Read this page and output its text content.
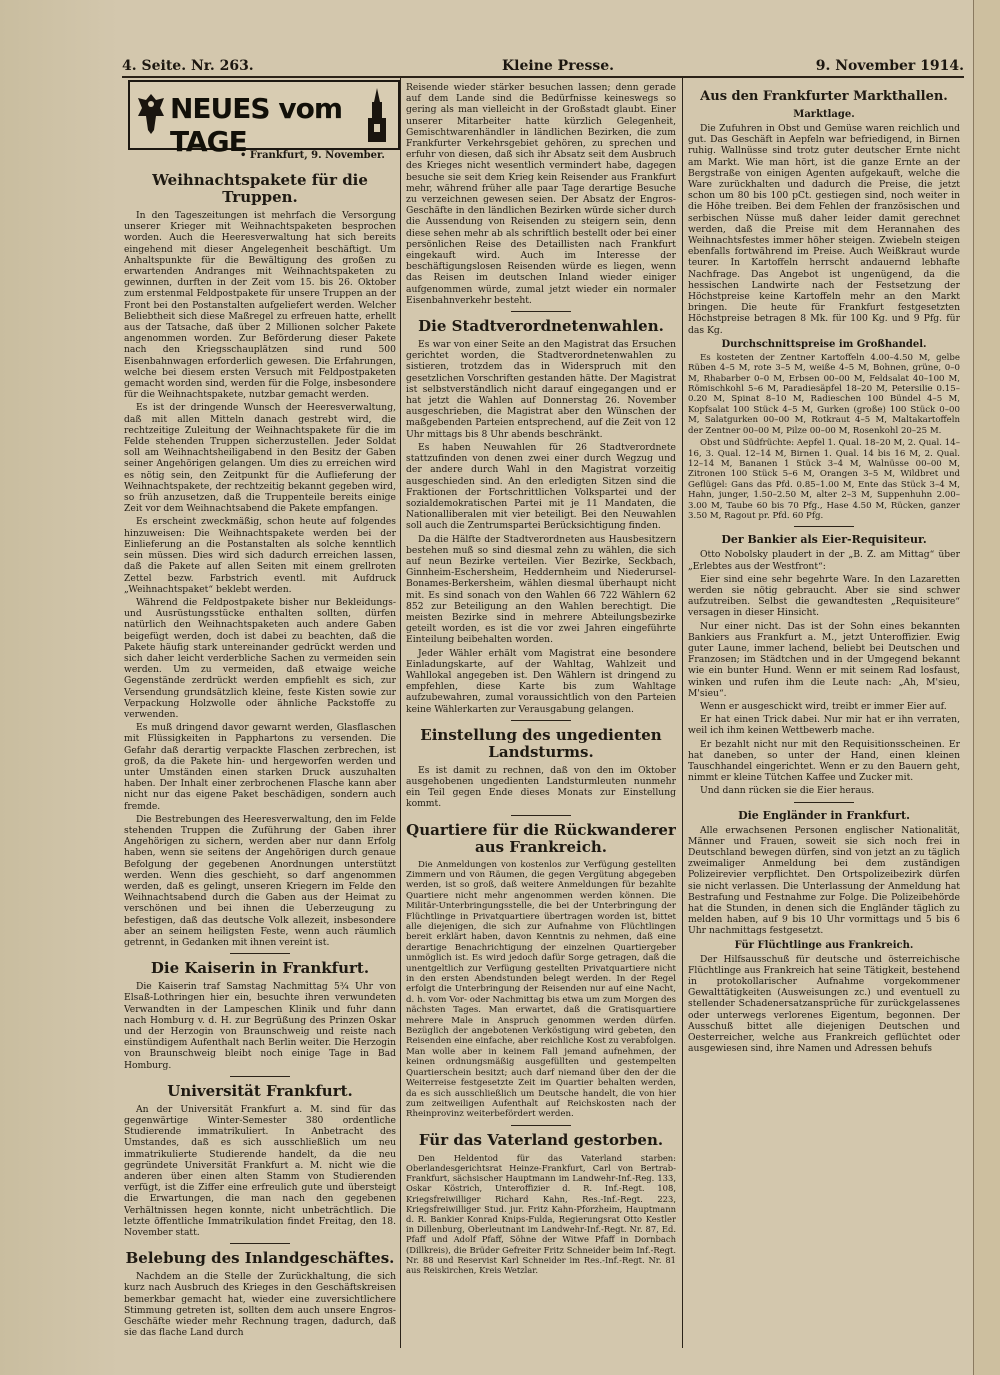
4. Seite. Nr. 263.	Kleine Presse.	9. November 1914.
NEUES vom TAGE
• Frankfurt, 9. November.
Weihnachtspakete für die Truppen.

In den Tageszeitungen ist mehrfach die Versorgung unserer Krieger mit Weihnachtspaketen besprochen worden. Auch die Heeresverwaltung hat sich bereits eingehend mit dieser Angelegenheit beschäftigt. Um Anhaltspunkte für die Bewältigung des großen zu erwartenden Andranges mit Weihnachtspaketen zu gewinnen, durften in der Zeit vom 15. bis 26. Oktober zum erstenmal Feldpostpakete für unsere Truppen an der Front bei den Postanstalten aufgeliefert werden. Welcher Beliebtheit sich diese Maßregel zu erfreuen hatte, erhellt aus der Tatsache, daß über 2 Millionen solcher Pakete angenommen worden. Zur Beförderung dieser Pakete nach den Kriegsschauplätzen sind rund 500 Eisenbahnwagen erforderlich gewesen. Die Erfahrungen, welche bei diesem ersten Versuch mit Feldpostpaketen gemacht worden sind, werden für die Folge, insbesondere für die Weihnachtspakete, nutzbar gemacht werden.

Es ist der dringende Wunsch der Heeresverwaltung, daß mit allen Mitteln danach gestrebt wird, die rechtzeitige Zuleitung der Weihnachtspakete für die im Felde stehenden Truppen sicherzustellen. Jeder Soldat soll am Weihnachtsheiligabend in den Besitz der Gaben seiner Angehörigen gelangen. Um dies zu erreichen wird es nötig sein, den Zeitpunkt für die Auflieferung der Weihnachtspakete, der rechtzeitig bekannt gegeben wird, so früh anzusetzen, daß die Truppenteile bereits einige Zeit vor dem Weihnachtsabend die Pakete empfangen.

Es erscheint zweckmäßig, schon heute auf folgendes hinzuweisen: Die Weihnachtspakete werden bei der Einlieferung an die Postanstalten als solche kenntlich sein müssen. Dies wird sich dadurch erreichen lassen, daß die Pakete auf allen Seiten mit einem grellroten Zettel bezw. Farbstrich eventl. mit Aufdruck „Weihnachtspaket“ beklebt werden.

Während die Feldpostpakete bisher nur Bekleidungs- und Ausrüstungsstücke enthalten sollten, dürfen natürlich den Weihnachtspaketen auch andere Gaben beigefügt werden, doch ist dabei zu beachten, daß die Pakete häufig stark untereinander gedrückt werden und sich daher leicht verderbliche Sachen zu vermeiden sein werden. Um zu vermeiden, daß etwaige weiche Gegenstände zerdrückt werden empfiehlt es sich, zur Versendung grundsätzlich kleine, feste Kisten sowie zur Verpackung Holzwolle oder ähnliche Packstoffe zu verwenden.

Es muß dringend davor gewarnt werden, Glasflaschen mit Flüssigkeiten in Papphartons zu versenden. Die Gefahr daß derartig verpackte Flaschen zerbrechen, ist groß, da die Pakete hin- und hergeworfen werden und unter Umständen einen starken Druck auszuhalten haben. Der Inhalt einer zerbrochenen Flasche kann aber nicht nur das eigene Paket beschädigen, sondern auch fremde.

Die Bestrebungen des Heeresverwaltung, den im Felde stehenden Truppen die Zuführung der Gaben ihrer Angehörigen zu sichern, werden aber nur dann Erfolg haben, wenn sie seitens der Angehörigen durch genaue Befolgung der gegebenen Anordnungen unterstützt werden. Wenn dies geschieht, so darf angenommen werden, daß es gelingt, unseren Kriegern im Felde den Weihnachtsabend durch die Gaben aus der Heimat zu verschönen und bei ihnen die Ueberzeugung zu befestigen, daß das deutsche Volk allezeit, insbesondere aber an seinem heiligsten Feste, wenn auch räumlich getrennt, in Gedanken mit ihnen vereint ist.

Die Kaiserin in Frankfurt.

Die Kaiserin traf Samstag Nachmittag 5¾ Uhr von Elsaß-Lothringen hier ein, besuchte ihren verwundeten Verwandten in der Lampeschen Klinik und fuhr dann nach Homburg v. d. H. zur Begrüßung des Prinzen Oskar und der Herzogin von Braunschweig und reiste nach einstündigem Aufenthalt nach Berlin weiter. Die Herzogin von Braunschweig bleibt noch einige Tage in Bad Homburg.

Universität Frankfurt.

An der Universität Frankfurt a. M. sind für das gegenwärtige Winter-Semester 380 ordentliche Studierende immatrikuliert. In Anbetracht des Umstandes, daß es sich ausschließlich um neu immatrikulierte Studierende handelt, da die neu gegründete Universität Frankfurt a. M. nicht wie die anderen über einen alten Stamm von Studierenden verfügt, ist die Ziffer eine erfreulich gute und übersteigt die Erwartungen, die man nach den gegebenen Verhältnissen hegen konnte, nicht unbeträchtlich. Die letzte öffentliche Immatrikulation findet Freitag, den 18. November statt.

Belebung des Inlandgeschäftes.

Nachdem an die Stelle der Zurückhaltung, die sich kurz nach Ausbruch des Krieges in den Geschäftskreisen bemerkbar gemacht hat, wieder eine zuversichtlichere Stimmung getreten ist, sollten dem auch unsere Engros-Geschäfte wieder mehr Rechnung tragen, dadurch, daß sie das flache Land durch

Reisende wieder stärker besuchen lassen; denn gerade auf dem Lande sind die Bedürfnisse keineswegs so gering als man vielleicht in der Großstadt glaubt. Einer unserer Mitarbeiter hatte kürzlich Gelegenheit, Gemischtwarenhändler in ländlichen Bezirken, die zum Frankfurter Verkehrsgebiet gehören, zu sprechen und erfuhr von diesen, daß sich ihr Absatz seit dem Ausbruch des Krieges nicht wesentlich vermindert habe, dagegen besuche sie seit dem Krieg kein Reisender aus Frankfurt mehr, während früher alle paar Tage derartige Besuche zu verzeichnen gewesen seien. Der Absatz der Engros-Geschäfte in den ländlichen Bezirken würde sicher durch die Aussendung von Reisenden zu steigern sein, denn diese sehen mehr ab als schriftlich bestellt oder bei einer persönlichen Reise des Detaillisten nach Frankfurt eingekauft wird. Auch im Interesse der beschäftigungslosen Reisenden würde es liegen, wenn das Reisen im deutschen Inland wieder einiger aufgenommen würde, zumal jetzt wieder ein normaler Eisenbahnverkehr besteht.

Die Stadtverordnetenwahlen.

Es war von einer Seite an den Magistrat das Ersuchen gerichtet worden, die Stadtverordnetenwahlen zu sistieren, trotzdem das in Widerspruch mit den gesetzlichen Vorschriften gestanden hätte. Der Magistrat ist selbstverständlich nicht darauf eingegangen und er hat jetzt die Wahlen auf Donnerstag 26. November ausgeschrieben, die Magistrat aber den Wünschen der maßgebenden Parteien entsprechend, auf die Zeit von 12 Uhr mittags bis 8 Uhr abends beschränkt.

Es haben Neuwahlen für 26 Stadtverordnete stattzufinden von denen zwei einer durch Wegzug und der andere durch Wahl in den Magistrat vorzeitig ausgeschieden sind. An den erledigten Sitzen sind die Fraktionen der Fortschrittlichen Volkspartei und der sozialdemokratischen Partei mit je 11 Mandaten, die Nationalliberalen mit vier beteiligt. Bei den Neuwahlen soll auch die Zentrumspartei Berücksichtigung finden.

Da die Hälfte der Stadtverordneten aus Hausbesitzern bestehen muß so sind diesmal zehn zu wählen, die sich auf neun Bezirke verteilen. Vier Bezirke, Seckbach, Ginnheim-Eschersheim, Heddernheim und Niederursel-Bonames-Berkersheim, wählen diesmal überhaupt nicht mit. Es sind sonach von den Wahlen 66 722 Wählern 62 852 zur Beteiligung an den Wahlen berechtigt. Die meisten Bezirke sind in mehrere Abteilungsbezirke geteilt worden, es ist die vor zwei Jahren eingeführte Einteilung beibehalten worden.

Jeder Wähler erhält vom Magistrat eine besondere Einladungskarte, auf der Wahltag, Wahlzeit und Wahllokal angegeben ist. Den Wählern ist dringend zu empfehlen, diese Karte bis zum Wahltage aufzubewahren, zumal voraussichtlich von den Parteien keine Wählerkarten zur Verausgabung gelangen.

Einstellung des ungedienten Landsturms.

Es ist damit zu rechnen, daß von den im Oktober ausgehobenen ungedienten Landsturmleuten nunmehr ein Teil gegen Ende dieses Monats zur Einstellung kommt.

Quartiere für die Rückwanderer aus Frankreich.

Die Anmeldungen von kostenlos zur Verfügung gestellten Zimmern und von Räumen, die gegen Vergütung abgegeben werden, ist so groß, daß weitere Anmeldungen für bezahlte Quartiere nicht mehr angenommen werden können. Die Militär-Unterbringungsstelle, die bei der Unterbringung der Flüchtlinge in Privatquartiere übertragen worden ist, bittet alle diejenigen, die sich zur Aufnahme von Flüchtlingen bereit erklärt haben, davon Kenntnis zu nehmen, daß eine derartige Benachrichtigung der einzelnen Quartiergeber unmöglich ist. Es wird jedoch dafür Sorge getragen, daß die unentgeltlich zur Verfügung gestellten Privatquartiere nicht in den ersten Abendstunden belegt werden. In der Regel erfolgt die Unterbringung der Reisenden nur auf eine Nacht, d. h. vom Vor- oder Nachmittag bis etwa um zum Morgen des nächsten Tages. Man erwartet, daß die Gratisquartiere mehrere Male in Anspruch genommen werden dürfen. Bezüglich der angebotenen Verköstigung wird gebeten, den Reisenden eine einfache, aber reichliche Kost zu verabfolgen. Man wolle aber in keinem Fall jemand aufnehmen, der keinen ordnungsmäßig ausgefüllten und gestempelten Quartierschein besitzt; auch darf niemand über den der die Weiterreise festgesetzte Zeit im Quartier behalten werden, da es sich ausschließlich um Deutsche handelt, die von hier zum zeitweiligen Aufenthalt auf Reichskosten nach der Rheinprovinz weiterbefördert werden.

Für das Vaterland gestorben.

Den Heldentod für das Vaterland starben: Oberlandesgerichtsrat Heinze-Frankfurt, Carl von Bertrab-Frankfurt, sächsischer Hauptmann im Landwehr-Inf.-Reg. 133, Oskar Köstrich, Unteroffizier d. R. Inf.-Regt. 108, Kriegsfreiwilliger Richard Kahn, Res.-Inf.-Regt. 223, Kriegsfreiwilliger Stud. jur. Fritz Kahn-Pforzheim, Hauptmann d. R. Bankier Konrad Knips-Fulda, Regierungsrat Otto Kestler in Dillenburg, Oberleutnant im Landwehr-Inf.-Regt. Nr. 87, Ed. Pfaff und Adolf Pfaff, Söhne der Witwe Pfaff in Dornbach (Dillkreis), die Brüder Gefreiter Fritz Schneider beim Inf.-Regt. Nr. 88 und Reservist Karl Schneider im Res.-Inf.-Regt. Nr. 81 aus Reiskirchen, Kreis Wetzlar.

Aus den Frankfurter Markthallen.
Marktlage.

Die Zufuhren in Obst und Gemüse waren reichlich und gut. Das Geschäft in Aepfeln war befriedigend, in Birnen ruhig. Wallnüsse sind trotz guter deutscher Ernte nicht am Markt. Wie man hört, ist die ganze Ernte an der Bergstraße von einigen Agenten aufgekauft, welche die Ware zurückhalten und dadurch die Preise, die jetzt schon um 80 bis 100 pCt. gestiegen sind, noch weiter in die Höhe treiben. Bei dem Fehlen der französischen und serbischen Nüsse muß daher leider damit gerechnet werden, daß die Preise mit dem Herannahen des Weihnachtsfestes immer höher steigen. Zwiebeln steigen ebenfalls fortwährend im Preise. Auch Weißkraut wurde teurer. In Kartoffeln herrscht andauernd lebhafte Nachfrage. Das Angebot ist ungenügend, da die hessischen Landwirte nach der Festsetzung der Höchstpreise keine Kartoffeln mehr an den Markt bringen. Die heute für Frankfurt festgesetzten Höchstpreise betragen 8 Mk. für 100 Kg. und 9 Pfg. für das Kg.

Durchschnittspreise im Großhandel.

Es kosteten der Zentner Kartoffeln 4.00–4.50 M, gelbe Rüben 4–5 M, rote 3–5 M, weiße 4–5 M, Bohnen, grüne, 0–0 M, Rhabarber 0–0 M, Erbsen 00–00 M, Feldsalat 40–100 M, Römischkohl 5–6 M, Paradiesäpfel 18–20 M, Petersilie 0.15–0.20 M, Spinat 8–10 M, Radieschen 100 Bündel 4–5 M, Kopfsalat 100 Stück 4–5 M, Gurken (große) 100 Stück 0–00 M, Salatgurken 00–00 M, Rotkraut 4–5 M, Maltakartoffeln der Zentner 00–00 M, Pilze 00–00 M, Rosenkohl 20–25 M.

Obst und Südfrüchte: Aepfel 1. Qual. 18–20 M, 2. Qual. 14–16, 3. Qual. 12–14 M, Birnen 1. Qual. 14 bis 16 M, 2. Qual. 12–14 M, Bananen 1 Stück 3–4 M, Walnüsse 00–00 M, Zitronen 100 Stück 5–6 M, Orangen 3–5 M, Wildbret und Geflügel: Gans das Pfd. 0.85–1.00 M, Ente das Stück 3–4 M, Hahn, junger, 1.50–2.50 M, alter 2–3 M, Suppenhuhn 2.00–3.00 M, Taube 60 bis 70 Pfg., Hase 4.50 M, Rücken, ganzer 3.50 M, Ragout pr. Pfd. 60 Pfg.

Der Bankier als Eier-Requisiteur.

Otto Nobolsky plaudert in der „B. Z. am Mittag“ über „Erlebtes aus der Westfront“:

Eier sind eine sehr begehrte Ware. In den Lazaretten werden sie nötig gebraucht. Aber sie sind schwer aufzutreiben. Selbst die gewandtesten „Requisiteure“ versagen in dieser Hinsicht.

Nur einer nicht. Das ist der Sohn eines bekannten Bankiers aus Frankfurt a. M., jetzt Unteroffizier. Ewig guter Laune, immer lachend, beliebt bei Deutschen und Franzosen; im Städtchen und in der Umgegend bekannt wie ein bunter Hund. Wenn er mit seinem Rad losfaust, winken und rufen ihm die Leute nach: „Ah, M'sieu, M'sieu“.

Wenn er ausgeschickt wird, treibt er immer Eier auf.

Er hat einen Trick dabei. Nur mir hat er ihn verraten, weil ich ihm keinen Wettbewerb mache.

Er bezahlt nicht nur mit den Requisitionsscheinen. Er hat daneben, so unter der Hand, einen kleinen Tauschhandel eingerichtet. Wenn er zu den Bauern geht, nimmt er kleine Tütchen Kaffee und Zucker mit.

Und dann rücken sie die Eier heraus.

Die Engländer in Frankfurt.

Alle erwachsenen Personen englischer Nationalität, Männer und Frauen, soweit sie sich noch frei in Deutschland bewegen dürfen, sind von jetzt an zu täglich zweimaliger Anmeldung bei dem zuständigen Polizeirevier verpflichtet. Den Ortspolizeibezirk dürfen sie nicht verlassen. Die Unterlassung der Anmeldung hat Bestrafung und Festnahme zur Folge. Die Polizeibehörde hat die Stunden, in denen sich die Engländer täglich zu melden haben, auf 9 bis 10 Uhr vormittags und 5 bis 6 Uhr nachmittags festgesetzt.

Für Flüchtlinge aus Frankreich.

Der Hilfsausschuß für deutsche und österreichische Flüchtlinge aus Frankreich hat seine Tätigkeit, bestehend in protokollarischer Aufnahme vorgekommener Gewalttätigkeiten (Ausweisungen zc.) und eventuell zu stellender Schadenersatzansprüche für zurückgelassenes oder unterwegs verlorenes Eigentum, begonnen. Der Ausschuß bittet alle diejenigen Deutschen und Oesterreicher, welche aus Frankreich geflüchtet oder ausgewiesen sind, ihre Namen und Adressen behufs
